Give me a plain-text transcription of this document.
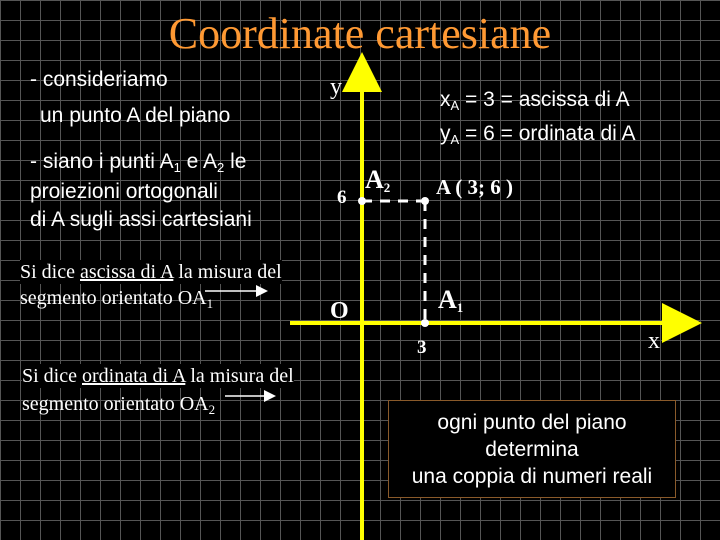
Coordinate cartesiane
- consideriamo
un punto A del piano
- siano i punti $A_1$ e $A_2$ le
proiezioni ortogonali
di A sugli assi cartesiani
Si dice ascissa di A la misura del
segmento orientato $OA_1$
Si dice ordinata di A la misura del
segmento orientato $OA_2$
$x_A = 3$ = ascissa di A
$y_A = 6$ = ordinata di A
y
x
O
$A_2$
$A_1$
A ( 3; 6 )
6
3
ogni punto del piano
determina
una coppia di numeri reali
